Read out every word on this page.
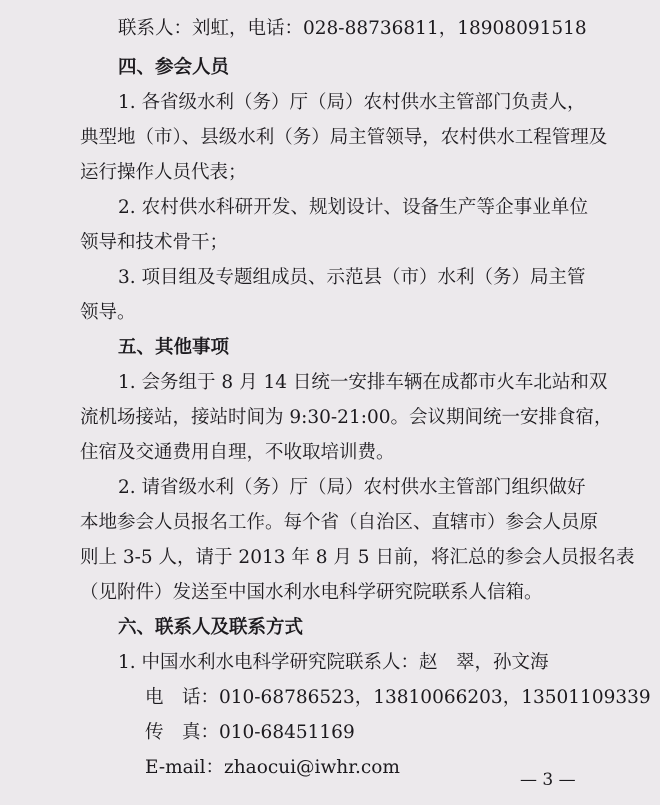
联系人：刘虹，电话：028-88736811，18908091518
四、参会人员
1. 各省级水利（务）厅（局）农村供水主管部门负责人，
典型地（市）、县级水利（务）局主管领导，农村供水工程管理及
运行操作人员代表；
2. 农村供水科研开发、规划设计、设备生产等企事业单位
领导和技术骨干；
3. 项目组及专题组成员、示范县（市）水利（务）局主管
领导。
五、其他事项
1. 会务组于 8 月 14 日统一安排车辆在成都市火车北站和双
流机场接站，接站时间为 9:30-21:00。会议期间统一安排食宿，
住宿及交通费用自理，不收取培训费。
2. 请省级水利（务）厅（局）农村供水主管部门组织做好
本地参会人员报名工作。每个省（自治区、直辖市）参会人员原
则上 3-5 人，请于 2013 年 8 月 5 日前，将汇总的参会人员报名表
（见附件）发送至中国水利水电科学研究院联系人信箱。
六、联系人及联系方式
1. 中国水利水电科学研究院联系人：赵　翠，孙文海
电　话：010-68786523，13810066203，13501109339
传　真：010-68451169
E-mail：zhaocui@iwhr.com
— 3 —
